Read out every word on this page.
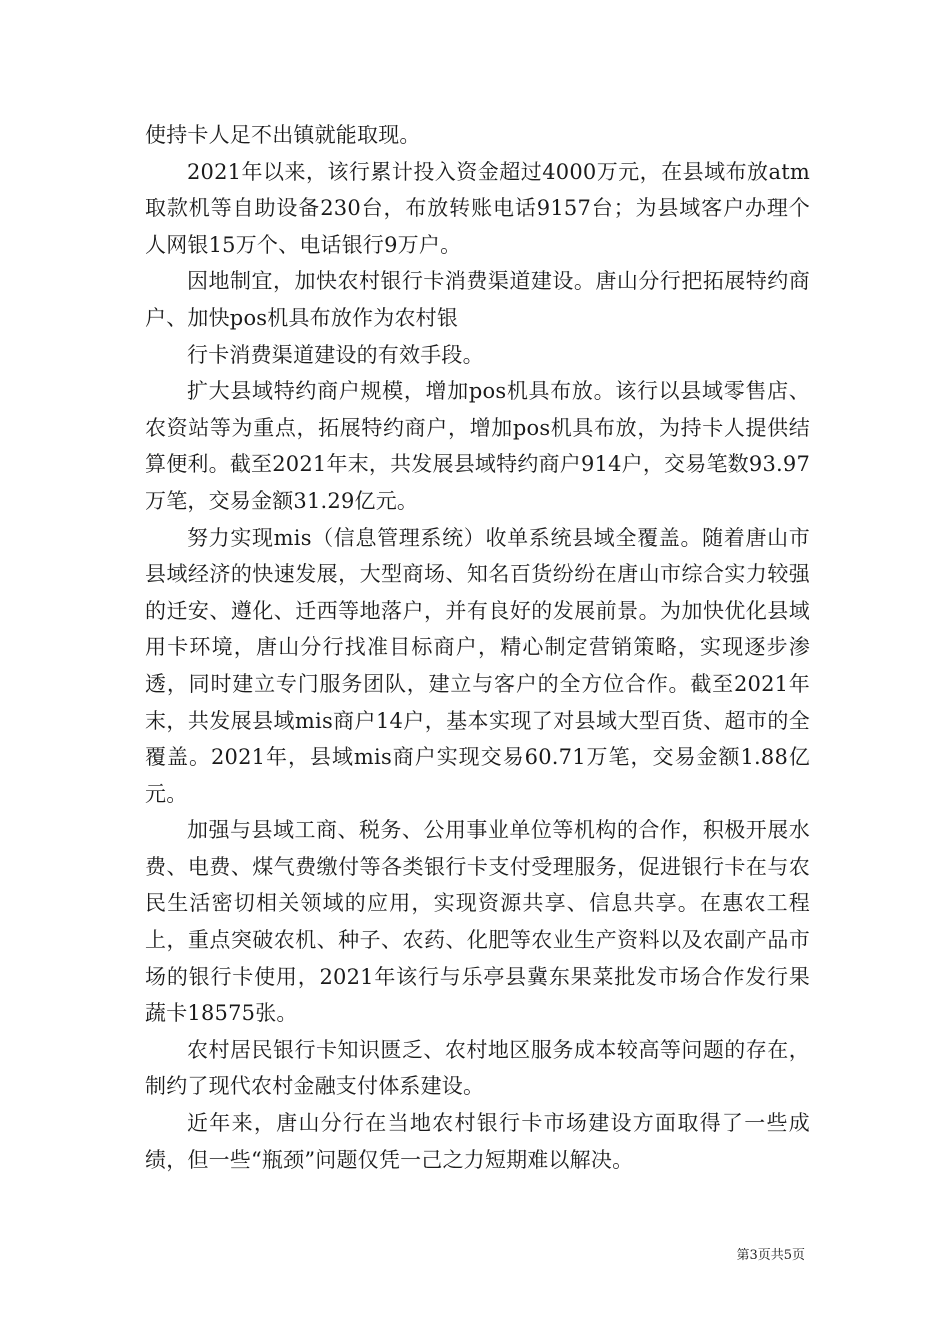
使持卡人足不出镇就能取现。

2021年以来，该行累计投入资金超过4000万元，在县域布放atm取款机等自助设备230台，布放转账电话9157台；为县域客户办理个人网银15万个、电话银行9万户。

因地制宜，加快农村银行卡消费渠道建设。唐山分行把拓展特约商户、加快pos机具布放作为农村银

行卡消费渠道建设的有效手段。

扩大县域特约商户规模，增加pos机具布放。该行以县域零售店、农资站等为重点，拓展特约商户，增加pos机具布放，为持卡人提供结算便利。截至2021年末，共发展县域特约商户914户，交易笔数93.97万笔，交易金额31.29亿元。

努力实现mis（信息管理系统）收单系统县域全覆盖。随着唐山市县域经济的快速发展，大型商场、知名百货纷纷在唐山市综合实力较强的迁安、遵化、迁西等地落户，并有良好的发展前景。为加快优化县域用卡环境，唐山分行找准目标商户，精心制定营销策略，实现逐步渗透，同时建立专门服务团队，建立与客户的全方位合作。截至2021年末，共发展县域mis商户14户，基本实现了对县域大型百货、超市的全覆盖。2021年，县域mis商户实现交易60.71万笔，交易金额1.88亿元。

加强与县域工商、税务、公用事业单位等机构的合作，积极开展水费、电费、煤气费缴付等各类银行卡支付受理服务，促进银行卡在与农民生活密切相关领域的应用，实现资源共享、信息共享。在惠农工程上，重点突破农机、种子、农药、化肥等农业生产资料以及农副产品市场的银行卡使用，2021年该行与乐亭县冀东果菜批发市场合作发行果蔬卡18575张。

农村居民银行卡知识匮乏、农村地区服务成本较高等问题的存在，制约了现代农村金融支付体系建设。

近年来，唐山分行在当地农村银行卡市场建设方面取得了一些成绩，但一些“瓶颈”问题仅凭一己之力短期难以解决。

第3页共5页
